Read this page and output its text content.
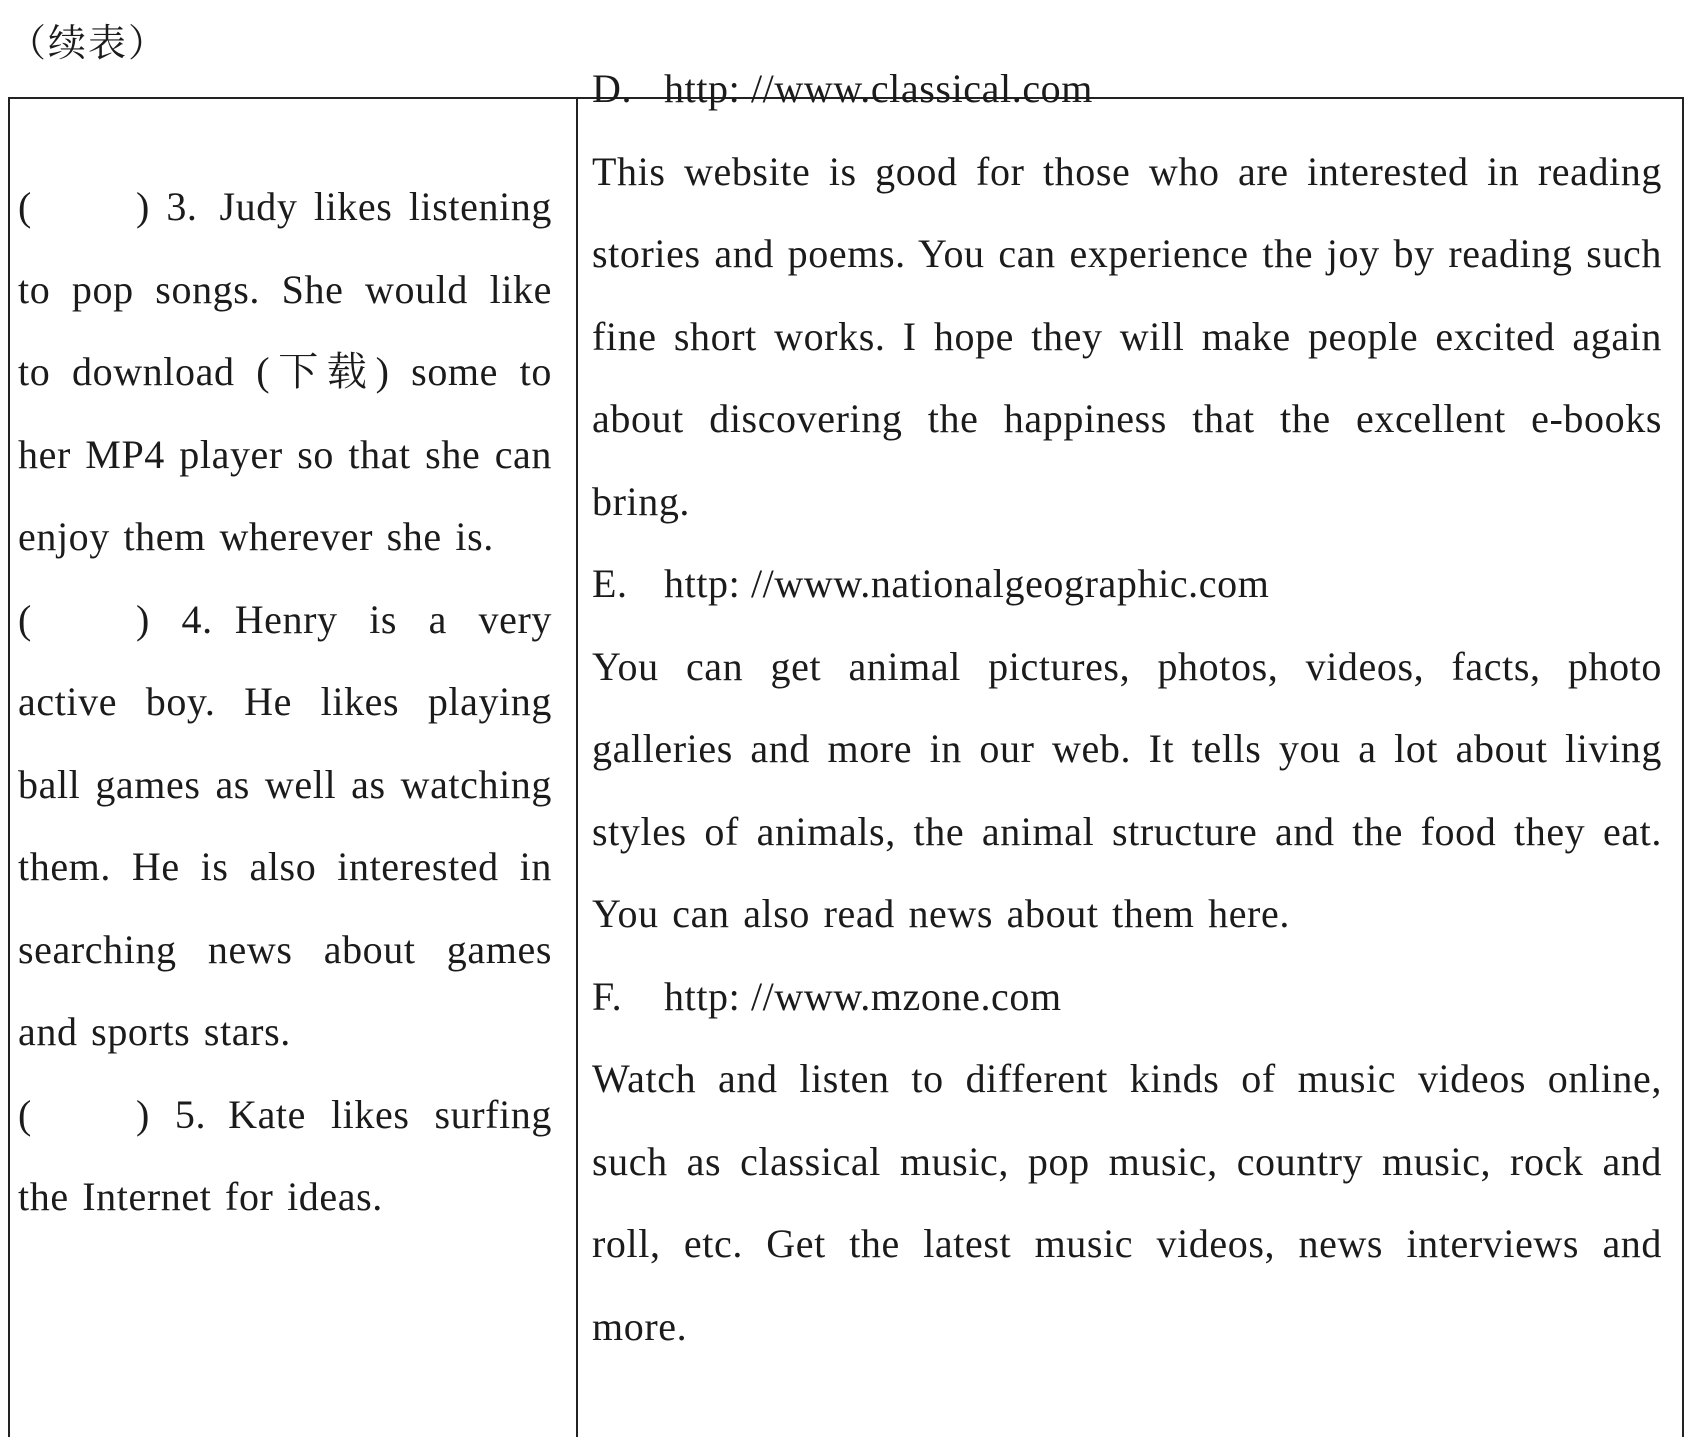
（续表）

(	) 3. Judy likes listening to pop songs. She would like to download (下载) some to her MP4 player so that she can enjoy them wherever she is.

(	) 4. Henry is a very active boy. He likes playing ball games as well as watching them. He is also interested in searching news about games and sports stars.

(	) 5. Kate likes surfing the Internet for ideas.

D. http: //www.classical.com

This website is good for those who are interested in reading stories and poems. You can experience the joy by reading such fine short works. I hope they will make people excited again about discovering the happiness that the excellent e-books bring.

E. http: //www.nationalgeographic.com

You can get animal pictures, photos, videos, facts, photo galleries and more in our web. It tells you a lot about living styles of animals, the animal structure and the food they eat. You can also read news about them here.

F. http: //www.mzone.com

Watch and listen to different kinds of music videos online, such as classical music, pop music, country music, rock and roll, etc. Get the latest music videos, news interviews and more.
